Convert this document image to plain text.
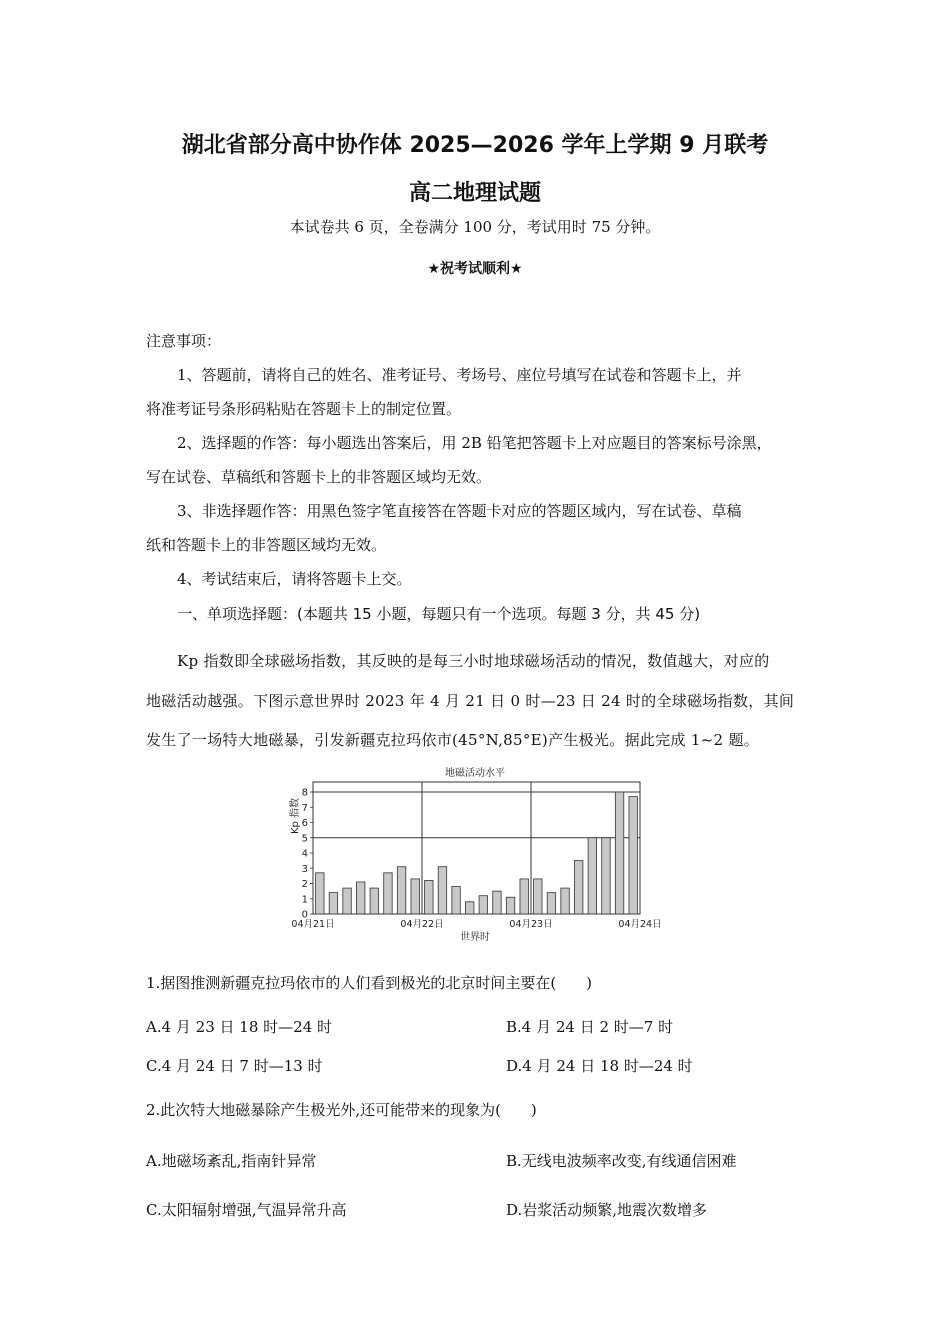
湖北省部分高中协作体 2025—2026 学年上学期 9 月联考
高二地理试题
本试卷共 6 页，全卷满分 100 分，考试用时 75 分钟。
★祝考试顺利★
注意事项：
1、答题前，请将自己的姓名、准考证号、考场号、座位号填写在试卷和答题卡上，并
将准考证号条形码粘贴在答题卡上的制定位置。
2、选择题的作答：每小题选出答案后，用 2B 铅笔把答题卡上对应题目的答案标号涂黑，
写在试卷、草稿纸和答题卡上的非答题区域均无效。
3、非选择题作答：用黑色签字笔直接答在答题卡对应的答题区域内，写在试卷、草稿
纸和答题卡上的非答题区域均无效。
4、考试结束后，请将答题卡上交。
一、单项选择题：(本题共 15 小题，每题只有一个选项。每题 3 分，共 45 分)
Kp 指数即全球磁场指数，其反映的是每三小时地球磁场活动的情况，数值越大，对应的
地磁活动越强。下图示意世界时 2023 年 4 月 21 日 0 时—23 日 24 时的全球磁场指数，其间
发生了一场特大地磁暴，引发新疆克拉玛依市(45°N,85°E)产生极光。据此完成 1~2 题。
地磁活动水平
Kp 指数
世界时
0
1
2
3
4
5
6
7
8
04月21日	04月22日	04月23日	04月24日
1.据图推测新疆克拉玛依市的人们看到极光的北京时间主要在(　　)
A.4 月 23 日 18 时—24 时	B.4 月 24 日 2 时—7 时
C.4 月 24 日 7 时—13 时	D.4 月 24 日 18 时—24 时
2.此次特大地磁暴除产生极光外,还可能带来的现象为(　　)
A.地磁场紊乱,指南针异常	B.无线电波频率改变,有线通信困难
C.太阳辐射增强,气温异常升高	D.岩浆活动频繁,地震次数增多
